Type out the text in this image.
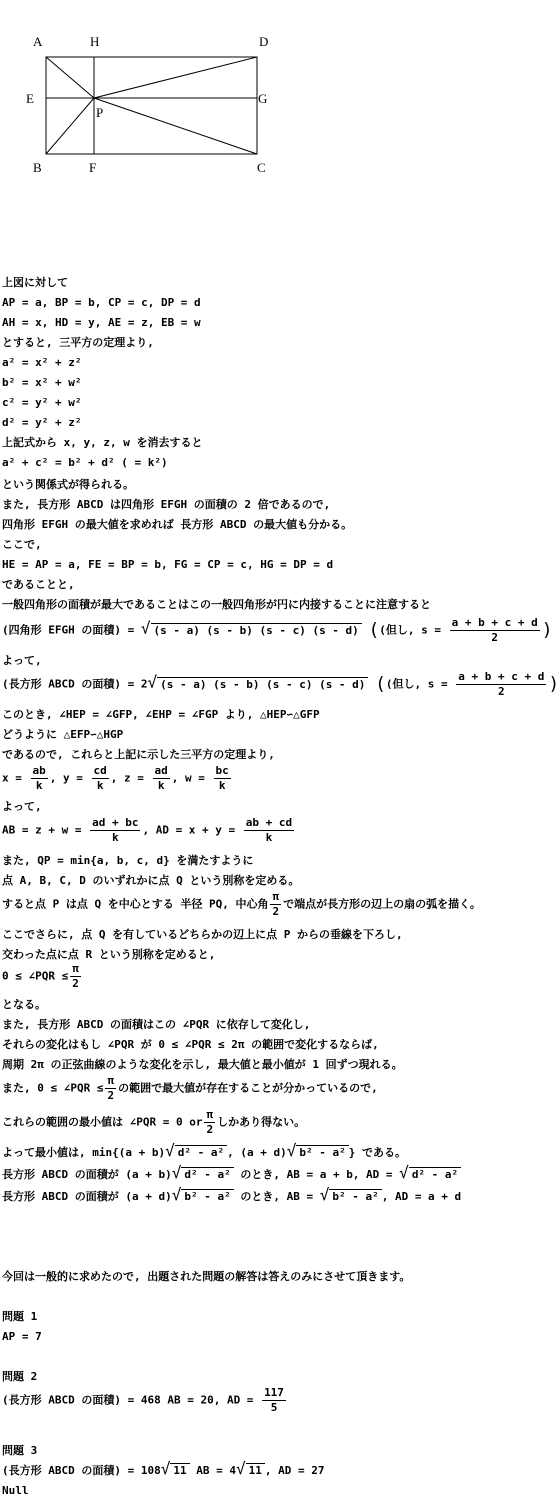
A	H	D
E	G
P
B	F	C
上図に対して
AP = a, BP = b, CP = c, DP = d
AH = x, HD = y, AE = z, EB = w
とすると, 三平方の定理より,
a² = x² + z²
b² = x² + w²
c² = y² + w²
d² = y² + z²
上記式から x, y, z, w を消去すると
a² + c² = b² + d² ( = k²)
という関係式が得られる。
また, 長方形 ABCD は四角形 EFGH の面積の 2 倍であるので,
四角形 EFGH の最大値を求めれば 長方形 ABCD の最大値も分かる。
ここで,
HE = AP = a, FE = BP = b, FG = CP = c, HG = DP = d
であることと,
一般四角形の面積が最大であることはこの一般四角形が円に内接することに注意すると
(四角形 EFGH の面積) = √ (s - a) (s - b) (s - c) (s - d) ((但し, $s = \frac{a + b + c + d}{2}$ )
よって,
(長方形 ABCD の面積) = 2√ (s - a) (s - b) (s - c) (s - d) ((但し, $s = \frac{a + b + c + d}{2}$ )
このとき, ∠HEP = ∠GFP, ∠EHP = ∠FGP より, △HEP∽△GFP
どうように △EFP∽△HGP
であるので, これらと上記に示した三平方の定理より,
$x = \frac{ab}{k}$ , $y = \frac{cd}{k}$ , $z = \frac{ad}{k}$ , $w = \frac{bc}{k}$
よって,
AB = $z + w = \frac{ad + bc}{k}$ , AD = $x + y = \frac{ab + cd}{k}$
また, QP = min{a, b, c, d} を満たすように
点 A, B, C, D のいずれかに点 Q という別称を定める。
すると点 P は点 Q を中心とする 半径 PQ, 中心角 $\frac{\pi}{2}$ で端点が長方形の辺上の扇の弧を描く。
ここでさらに, 点 Q を有しているどちらかの辺上に点 P からの垂線を下ろし,
交わった点に点 R という別称を定めると,
0 ≤ ∠PQR ≤ $\frac{\pi}{2}$
となる。
また, 長方形 ABCD の面積はこの ∠PQR に依存して変化し,
それらの変化はもし ∠PQR が 0 ≤ ∠PQR ≤ 2π の範囲で変化するならば,
周期 2π の正弦曲線のような変化を示し, 最大値と最小値が 1 回ずつ現れる。
また, 0 ≤ ∠PQR ≤ $\frac{\pi}{2}$ の範囲で最大値が存在することが分かっているので,
これらの範囲の最小値は ∠PQR = 0 or $\frac{\pi}{2}$ しかあり得ない。
よって最小値は, min{(a + b)√ d² - a² , (a + d)√ b² - a² } である。
長方形 ABCD の面積が (a + b)√ d² - a² のとき, AB = a + b, AD = √ d² - a²
長方形 ABCD の面積が (a + d)√ b² - a² のとき, AB = √ b² - a² , AD = a + d
今回は一般的に求めたので, 出題された問題の解答は答えのみにさせて頂きます。
問題 1
AP = 7
問題 2
(長方形 ABCD の面積) = 468 AB = 20, AD = $\frac{117}{5}$
問題 3
(長方形 ABCD の面積) = 108√ 11 AB = 4√ 11 , AD = 27
Null
